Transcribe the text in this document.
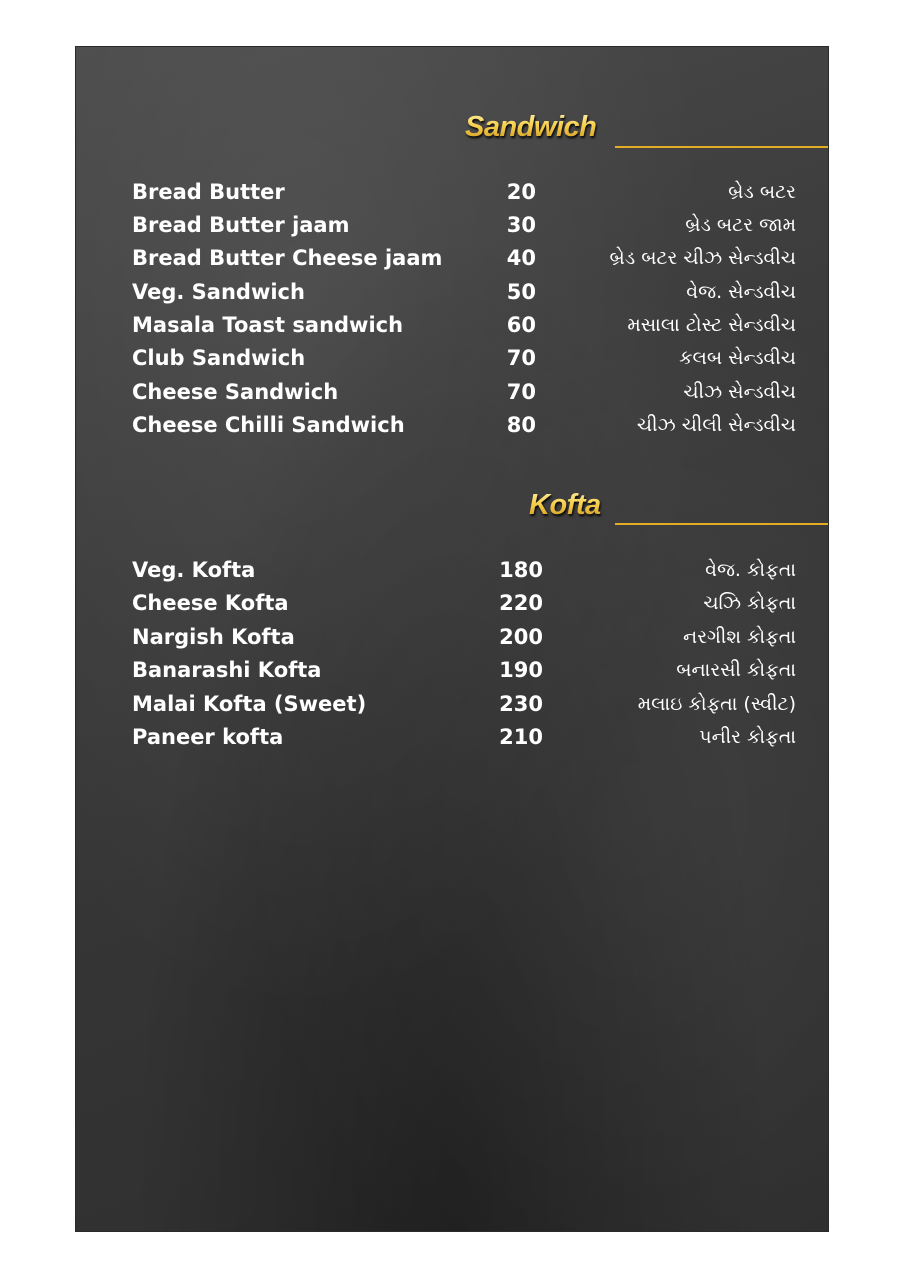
Sandwich
Bread Butter	20	બ્રેડ બટર
Bread Butter jaam	30	બ્રેડ બટર જામ
Bread Butter Cheese jaam	40	બ્રેડ બટર ચીઝ સેન્ડવીચ
Veg. Sandwich	50	વેજ. સેન્ડવીચ
Masala Toast sandwich	60	મસાલા ટોસ્ટ સેન્ડવીચ
Club Sandwich	70	કલબ સેન્ડવીચ
Cheese Sandwich	70	ચીઝ સેન્ડવીચ
Cheese Chilli Sandwich	80	ચીઝ ચીલી સેન્ડવીચ
Kofta
Veg. Kofta	180	વેજ. કોફતા
Cheese Kofta	220	ચઝિ કોફતા
Nargish Kofta	200	નરગીશ કોફતા
Banarashi Kofta	190	બનારસી કોફતા
Malai Kofta (Sweet)	230	મલાઇ કોફતા (સ્વીટ)
Paneer kofta	210	પનીર કોફતા
